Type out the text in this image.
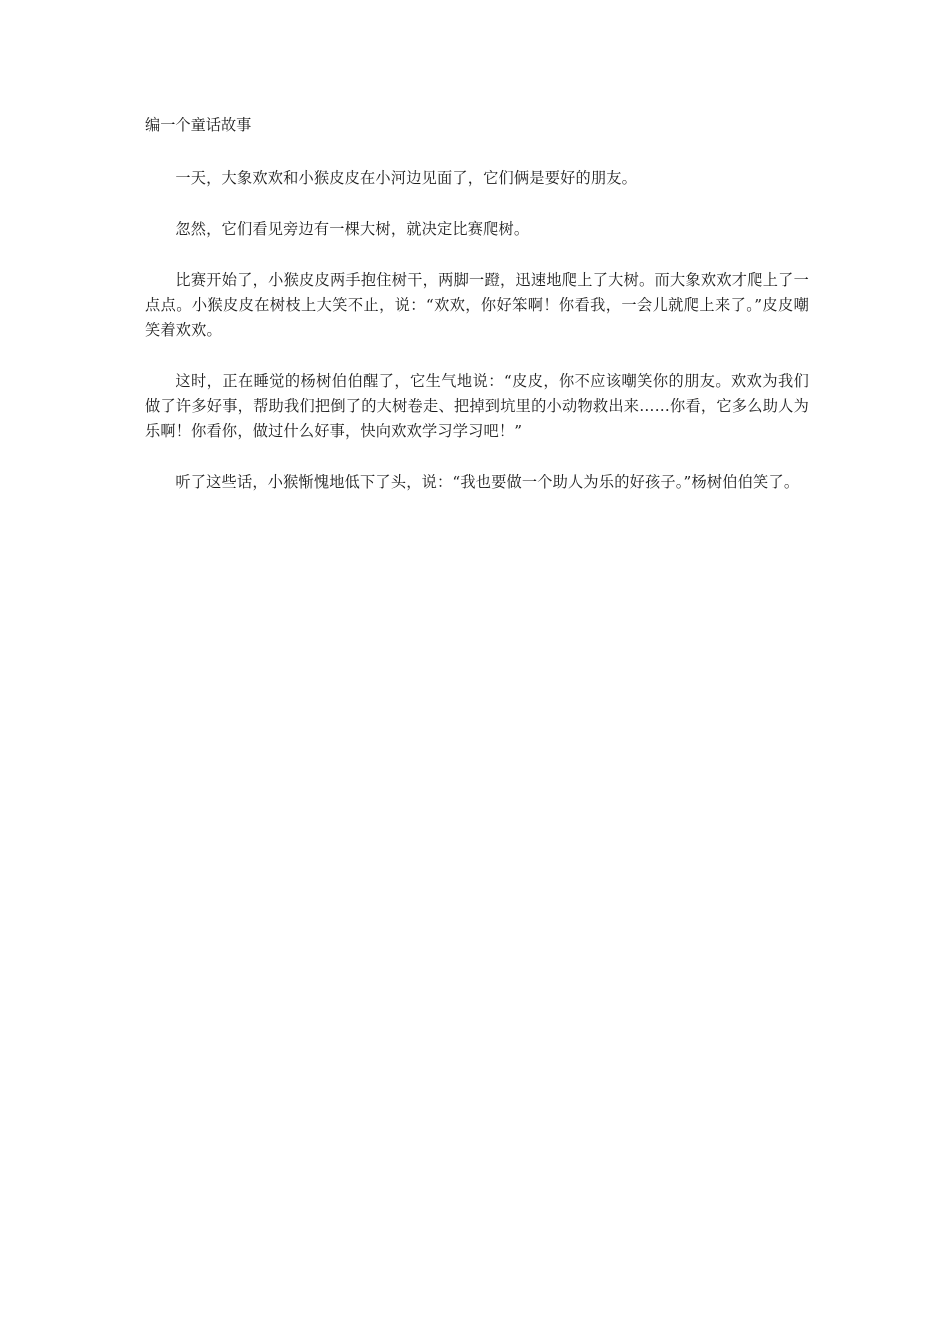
编一个童话故事

一天，大象欢欢和小猴皮皮在小河边见面了，它们俩是要好的朋友。

忽然，它们看见旁边有一棵大树，就决定比赛爬树。

比赛开始了，小猴皮皮两手抱住树干，两脚一蹬，迅速地爬上了大树。而大象欢欢才爬上了一点点。小猴皮皮在树枝上大笑不止，说：“欢欢，你好笨啊！你看我，一会儿就爬上来了。”皮皮嘲笑着欢欢。

这时，正在睡觉的杨树伯伯醒了，它生气地说：“皮皮，你不应该嘲笑你的朋友。欢欢为我们做了许多好事，帮助我们把倒了的大树卷走、把掉到坑里的小动物救出来……你看，它多么助人为乐啊！你看你，做过什么好事，快向欢欢学习学习吧！”

听了这些话，小猴惭愧地低下了头，说：“我也要做一个助人为乐的好孩子。”杨树伯伯笑了。
